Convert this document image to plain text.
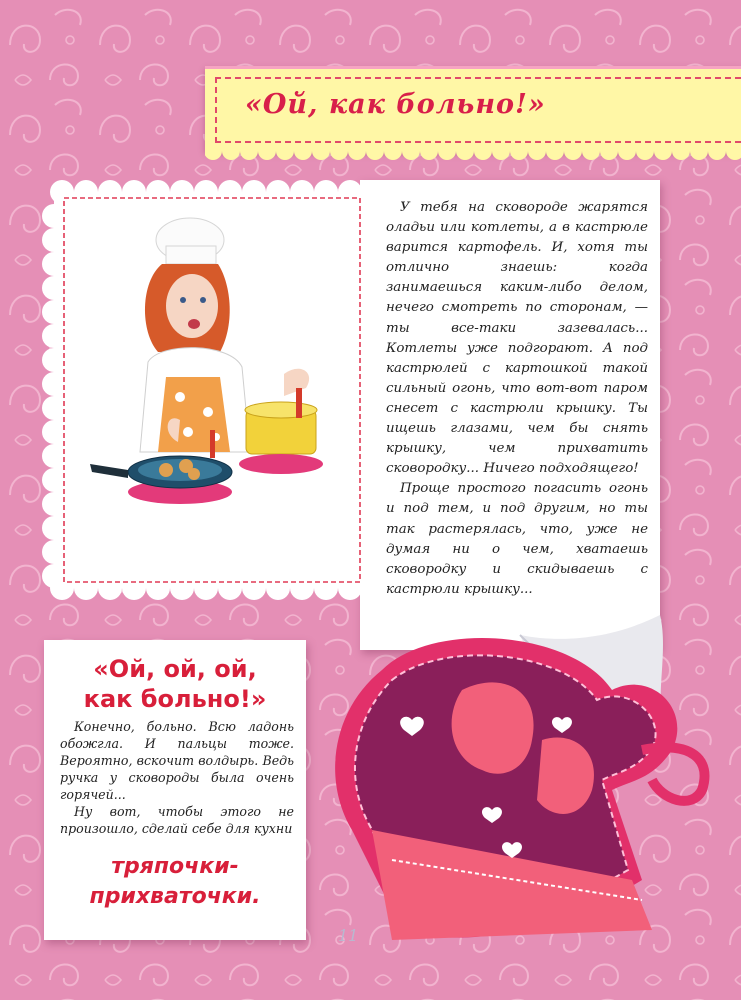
«Ой, как больно!»

У тебя на сковороде жарятся оладьи или котлеты, а в кастрюле варится картофель. И, хотя ты отлично знаешь: когда занимаешься каким-либо делом, нечего смотреть по сторонам, — ты все-таки зазевалась... Котлеты уже подгорают. А под кастрюлей с картошкой такой сильный огонь, что вот-вот паром снесет с кастрюли крышку. Ты ищешь глазами, чем бы снять крышку, чем прихватить сковородку... Ничего подходящего!

Проще простого погасить огонь и под тем, и под другим, но ты так растерялась, что, уже не думая ни о чем, хватаешь сковородку и скидываешь с кастрюли крышку...

«Ой, ой, ой,
как больно!»

Конечно, больно. Всю ладонь обожгла. И пальцы тоже. Вероятно, вскочит волдырь. Ведь ручка у сковороды была очень горячей...

Ну вот, чтобы этого не произошло, сделай себе для кухни

тряпочки-
прихваточки.
11
